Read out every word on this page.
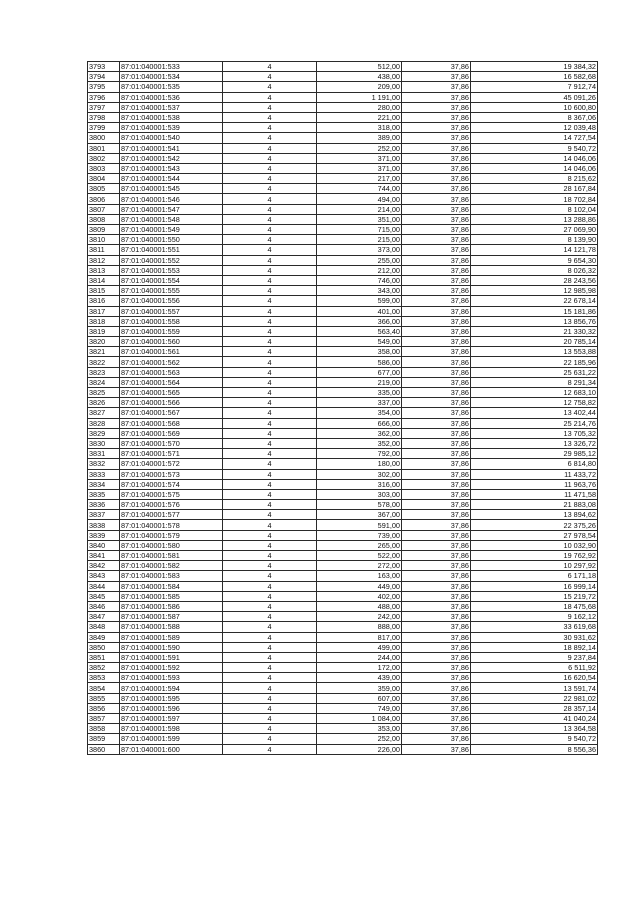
3793	87:01:040001:533	4	512,00	37,86	19 384,32
3794	87:01:040001:534	4	438,00	37,86	16 582,68
3795	87:01:040001:535	4	209,00	37,86	7 912,74
3796	87:01:040001:536	4	1 191,00	37,86	45 091,26
3797	87:01:040001:537	4	280,00	37,86	10 600,80
3798	87:01:040001:538	4	221,00	37,86	8 367,06
3799	87:01:040001:539	4	318,00	37,86	12 039,48
3800	87:01:040001:540	4	389,00	37,86	14 727,54
3801	87:01:040001:541	4	252,00	37,86	9 540,72
3802	87:01:040001:542	4	371,00	37,86	14 046,06
3803	87:01:040001:543	4	371,00	37,86	14 046,06
3804	87:01:040001:544	4	217,00	37,86	8 215,62
3805	87:01:040001:545	4	744,00	37,86	28 167,84
3806	87:01:040001:546	4	494,00	37,86	18 702,84
3807	87:01:040001:547	4	214,00	37,86	8 102,04
3808	87:01:040001:548	4	351,00	37,86	13 288,86
3809	87:01:040001:549	4	715,00	37,86	27 069,90
3810	87:01:040001:550	4	215,00	37,86	8 139,90
3811	87:01:040001:551	4	373,00	37,86	14 121,78
3812	87:01:040001:552	4	255,00	37,86	9 654,30
3813	87:01:040001:553	4	212,00	37,86	8 026,32
3814	87:01:040001:554	4	746,00	37,86	28 243,56
3815	87:01:040001:555	4	343,00	37,86	12 985,98
3816	87:01:040001:556	4	599,00	37,86	22 678,14
3817	87:01:040001:557	4	401,00	37,86	15 181,86
3818	87:01:040001:558	4	366,00	37,86	13 856,76
3819	87:01:040001:559	4	563,40	37,86	21 330,32
3820	87:01:040001:560	4	549,00	37,86	20 785,14
3821	87:01:040001:561	4	358,00	37,86	13 553,88
3822	87:01:040001:562	4	586,00	37,86	22 185,96
3823	87:01:040001:563	4	677,00	37,86	25 631,22
3824	87:01:040001:564	4	219,00	37,86	8 291,34
3825	87:01:040001:565	4	335,00	37,86	12 683,10
3826	87:01:040001:566	4	337,00	37,86	12 758,82
3827	87:01:040001:567	4	354,00	37,86	13 402,44
3828	87:01:040001:568	4	666,00	37,86	25 214,76
3829	87:01:040001:569	4	362,00	37,86	13 705,32
3830	87:01:040001:570	4	352,00	37,86	13 326,72
3831	87:01:040001:571	4	792,00	37,86	29 985,12
3832	87:01:040001:572	4	180,00	37,86	6 814,80
3833	87:01:040001:573	4	302,00	37,86	11 433,72
3834	87:01:040001:574	4	316,00	37,86	11 963,76
3835	87:01:040001:575	4	303,00	37,86	11 471,58
3836	87:01:040001:576	4	578,00	37,86	21 883,08
3837	87:01:040001:577	4	367,00	37,86	13 894,62
3838	87:01:040001:578	4	591,00	37,86	22 375,26
3839	87:01:040001:579	4	739,00	37,86	27 978,54
3840	87:01:040001:580	4	265,00	37,86	10 032,90
3841	87:01:040001:581	4	522,00	37,86	19 762,92
3842	87:01:040001:582	4	272,00	37,86	10 297,92
3843	87:01:040001:583	4	163,00	37,86	6 171,18
3844	87:01:040001:584	4	449,00	37,86	16 999,14
3845	87:01:040001:585	4	402,00	37,86	15 219,72
3846	87:01:040001:586	4	488,00	37,86	18 475,68
3847	87:01:040001:587	4	242,00	37,86	9 162,12
3848	87:01:040001:588	4	888,00	37,86	33 619,68
3849	87:01:040001:589	4	817,00	37,86	30 931,62
3850	87:01:040001:590	4	499,00	37,86	18 892,14
3851	87:01:040001:591	4	244,00	37,86	9 237,84
3852	87:01:040001:592	4	172,00	37,86	6 511,92
3853	87:01:040001:593	4	439,00	37,86	16 620,54
3854	87:01:040001:594	4	359,00	37,86	13 591,74
3855	87:01:040001:595	4	607,00	37,86	22 981,02
3856	87:01:040001:596	4	749,00	37,86	28 357,14
3857	87:01:040001:597	4	1 084,00	37,86	41 040,24
3858	87:01:040001:598	4	353,00	37,86	13 364,58
3859	87:01:040001:599	4	252,00	37,86	9 540,72
3860	87:01:040001:600	4	226,00	37,86	8 556,36
